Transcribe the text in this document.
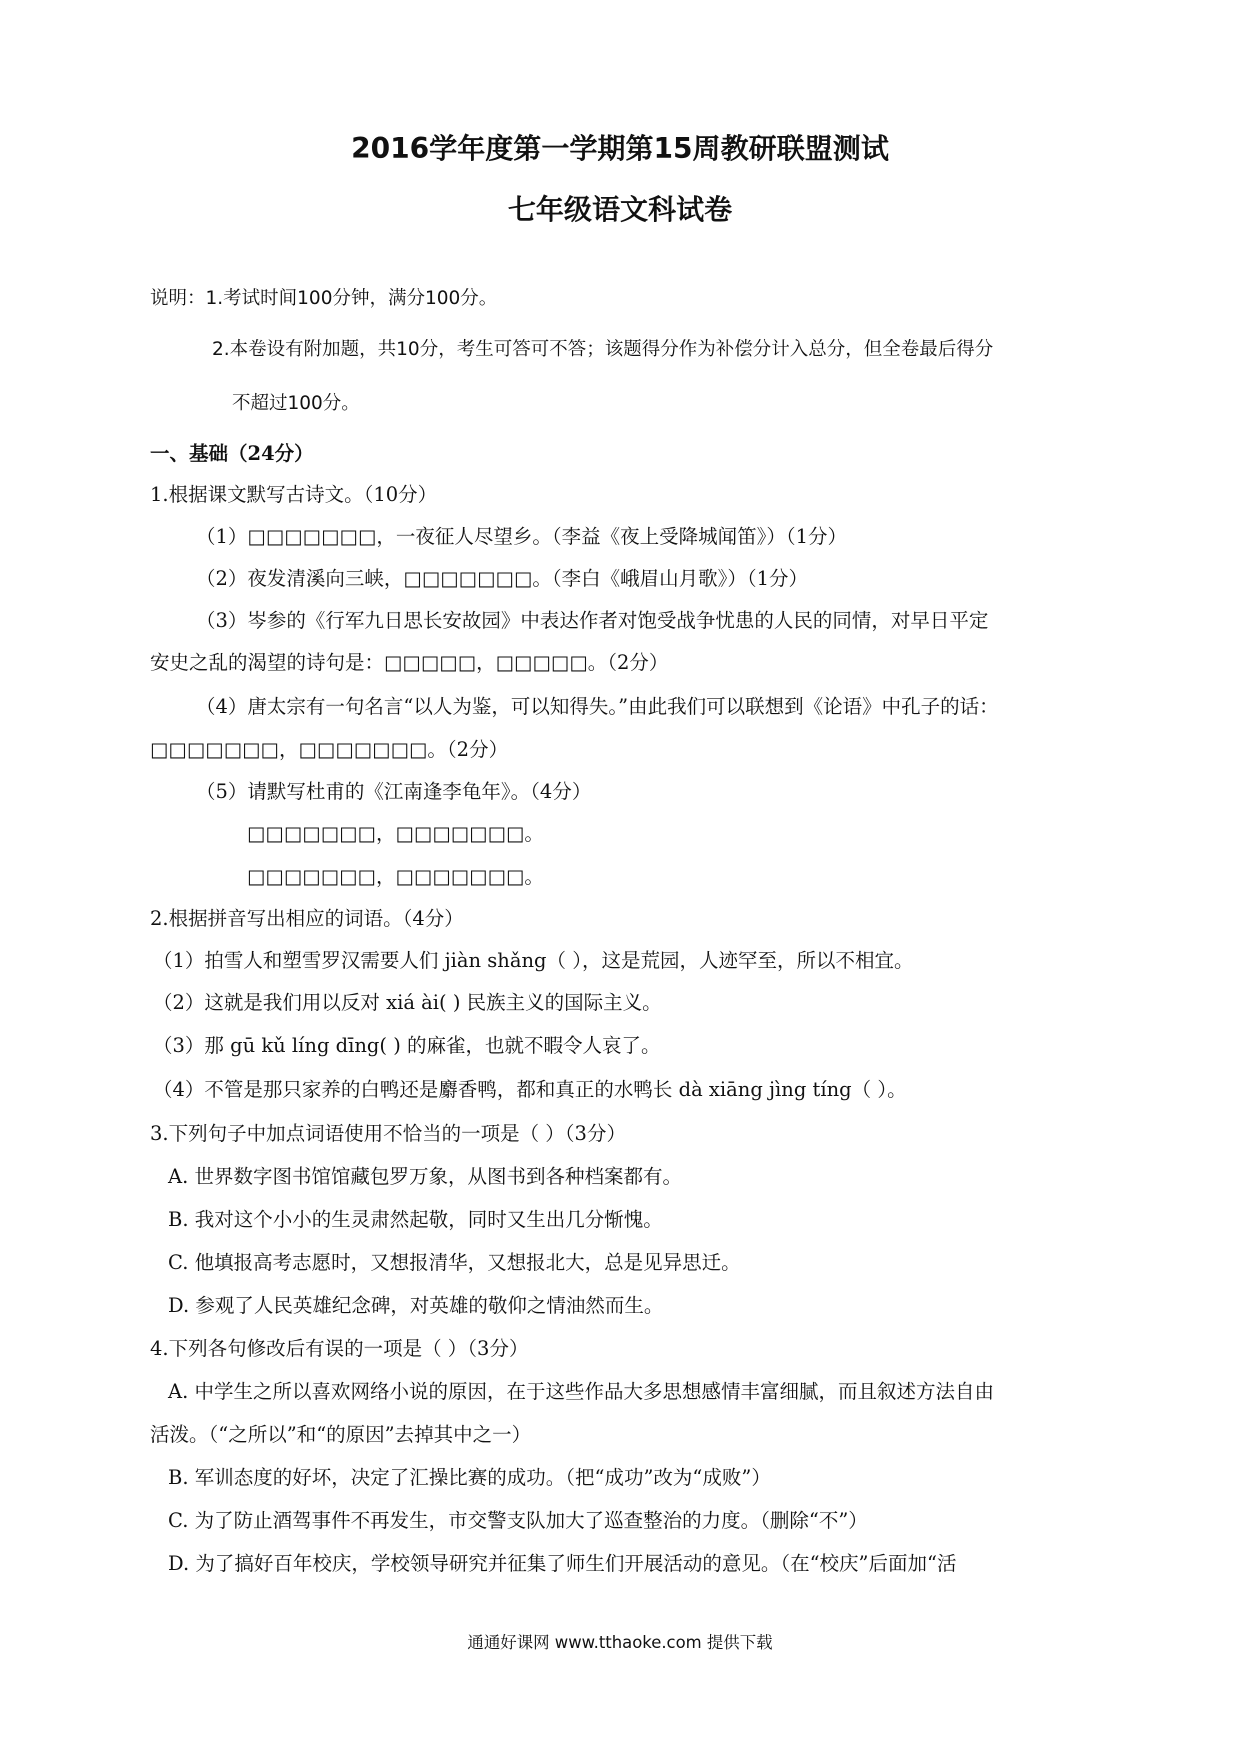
2016学年度第一学期第15周教研联盟测试
七年级语文科试卷
说明：1.考试时间100分钟，满分100分。
2.本卷设有附加题，共10分，考生可答可不答；该题得分作为补偿分计入总分，但全卷最后得分
不超过100分。
一、基础（24分）
1.根据课文默写古诗文。（10分）
（1）□□□□□□□，一夜征人尽望乡。（李益《夜上受降城闻笛》）（1分）
（2）夜发清溪向三峡，□□□□□□□。（李白《峨眉山月歌》）（1分）
（3）岑参的《行军九日思长安故园》中表达作者对饱受战争忧患的人民的同情，对早日平定
安史之乱的渴望的诗句是：□□□□□，□□□□□。（2分）
（4）唐太宗有一句名言“以人为鉴，可以知得失。”由此我们可以联想到《论语》中孔子的话：
□□□□□□□，□□□□□□□。（2分）
（5）请默写杜甫的《江南逢李龟年》。（4分）
□□□□□□□，□□□□□□□。
□□□□□□□，□□□□□□□。
2.根据拼音写出相应的词语。（4分）
（1）拍雪人和塑雪罗汉需要人们 jiàn shǎng（ ），这是荒园，人迹罕至，所以不相宜。
（2）这就是我们用以反对 xiá ài( ) 民族主义的国际主义。
（3）那 gū kǔ líng dīng( ) 的麻雀，也就不暇令人哀了。
（4）不管是那只家养的白鸭还是麝香鸭，都和真正的水鸭长 dà xiāng jìng tíng（ ）。
3.下列句子中加点词语使用不恰当的一项是（ ）（3分）
A. 世界数字图书馆馆藏包罗万象，从图书到各种档案都有。
B. 我对这个小小的生灵肃然起敬，同时又生出几分惭愧。
C. 他填报高考志愿时，又想报清华，又想报北大，总是见异思迁。
D. 参观了人民英雄纪念碑，对英雄的敬仰之情油然而生。
4.下列各句修改后有误的一项是（ ）（3分）
A. 中学生之所以喜欢网络小说的原因，在于这些作品大多思想感情丰富细腻，而且叙述方法自由
活泼。（“之所以”和“的原因”去掉其中之一）
B. 军训态度的好坏，决定了汇操比赛的成功。（把“成功”改为“成败”）
C. 为了防止酒驾事件不再发生，市交警支队加大了巡查整治的力度。（删除“不”）
D. 为了搞好百年校庆，学校领导研究并征集了师生们开展活动的意见。（在“校庆”后面加“活
通通好课网 www.tthaoke.com 提供下载
